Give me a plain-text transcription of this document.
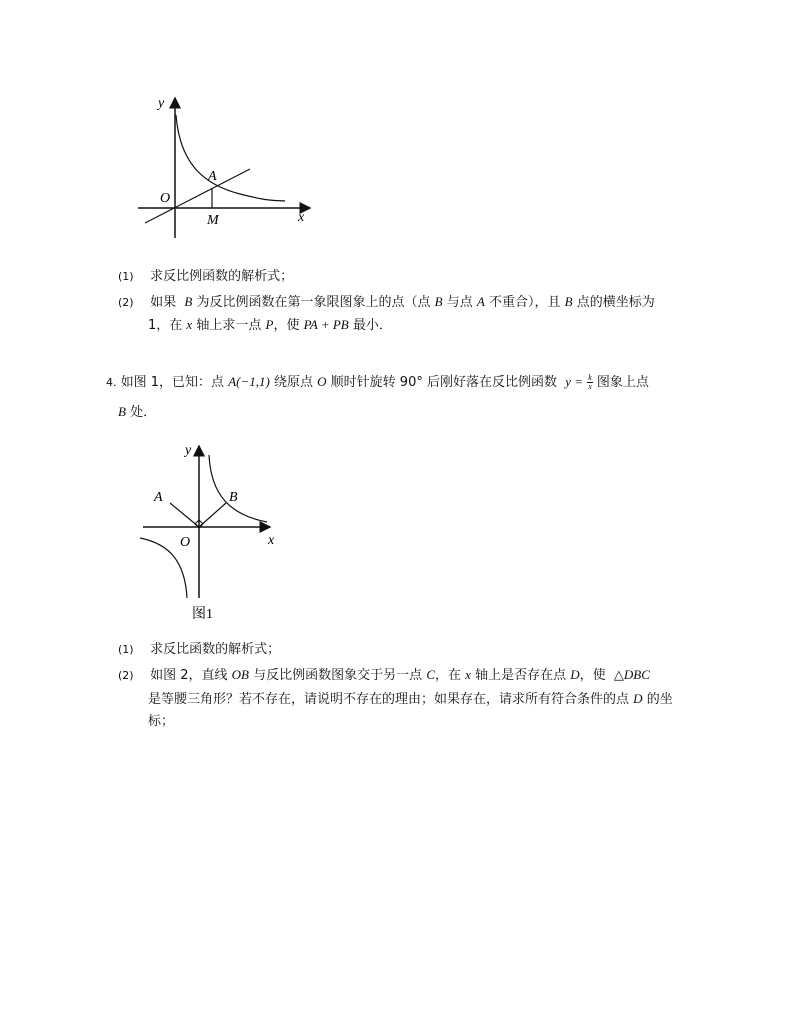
y
x
O
A
M
(1) 求反比例函数的解析式；
(2) 如果 B 为反比例函数在第一象限图象上的点（点 B 与点 A 不重合），且 B 点的横坐标为
1，在 x 轴上求一点 P，使 PA + PB 最小．
4. 如图 1，已知：点 A(−1,1) 绕原点 O 顺时针旋转 90° 后刚好落在反比例函数 $y = \frac{k}{x}$ 图象上点
B 处．
y
x
O
A	B
图1
(1) 求反比函数的解析式；
(2) 如图 2，直线 OB 与反比例函数图象交于另一点 C，在 x 轴上是否存在点 D，使 △DBC
是等腰三角形？若不存在，请说明不存在的理由；如果存在，请求所有符合条件的点 D 的坐
标；
